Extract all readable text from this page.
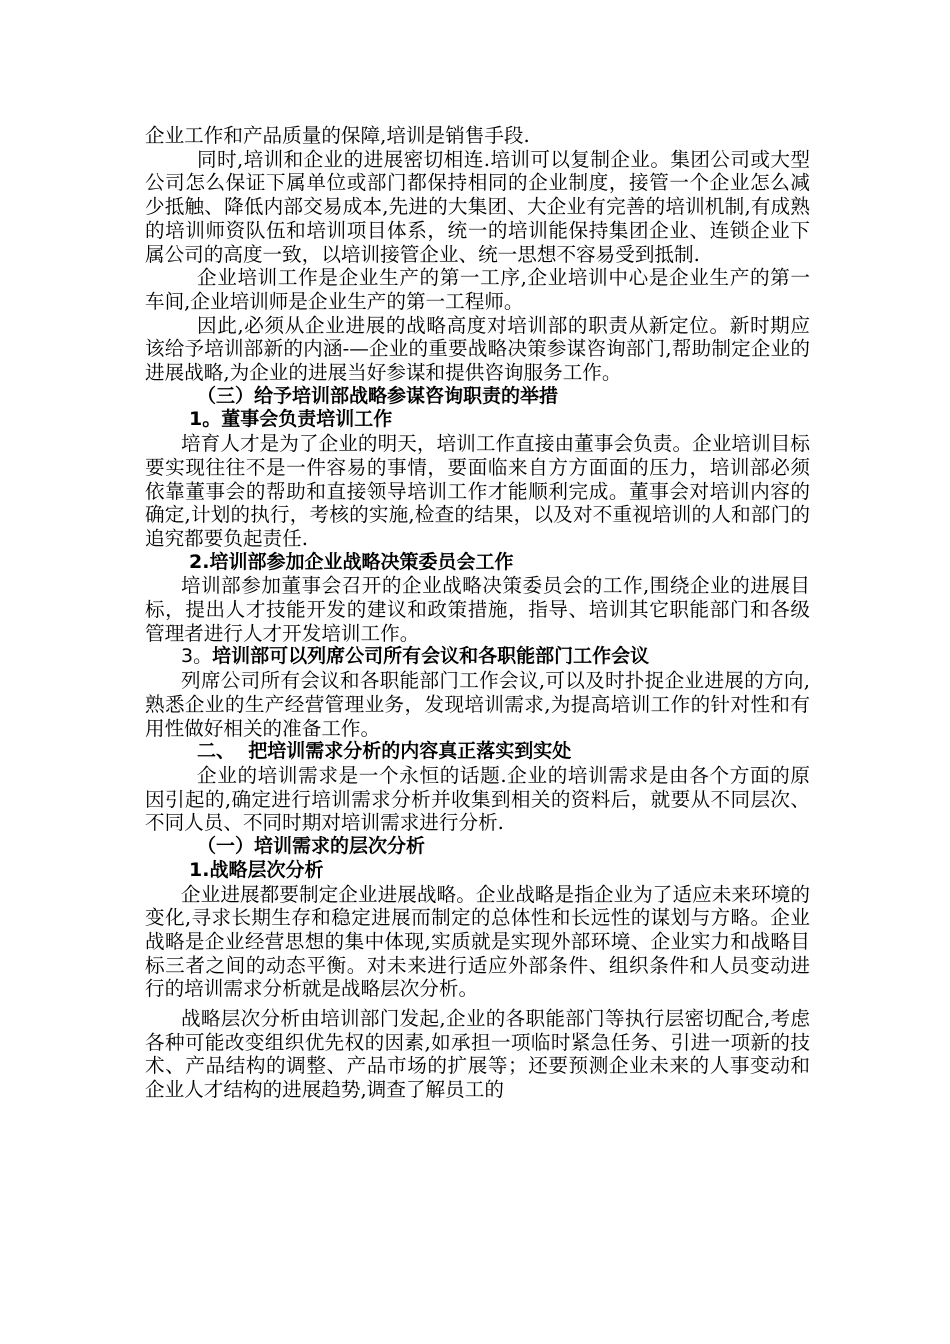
企业工作和产品质量的保障,培训是销售手段.

同时,培训和企业的进展密切相连.培训可以复制企业。集团公司或大型公司怎么保证下属单位或部门都保持相同的企业制度，接管一个企业怎么减少抵触、降低内部交易成本,先进的大集团、大企业有完善的培训机制,有成熟的培训师资队伍和培训项目体系，统一的培训能保持集团企业、连锁企业下属公司的高度一致，以培训接管企业、统一思想不容易受到抵制.

企业培训工作是企业生产的第一工序,企业培训中心是企业生产的第一车间,企业培训师是企业生产的第一工程师。

因此,必须从企业进展的战略高度对培训部的职责从新定位。新时期应该给予培训部新的内涵-—企业的重要战略决策参谋咨询部门,帮助制定企业的进展战略,为企业的进展当好参谋和提供咨询服务工作。

（三）给予培训部战略参谋咨询职责的举措

1。董事会负责培训工作

培育人才是为了企业的明天，培训工作直接由董事会负责。企业培训目标要实现往往不是一件容易的事情，要面临来自方方面面的压力，培训部必须依靠董事会的帮助和直接领导培训工作才能顺利完成。董事会对培训内容的确定,计划的执行，考核的实施,检查的结果，以及对不重视培训的人和部门的追究都要负起责任.

2.培训部参加企业战略决策委员会工作

培训部参加董事会召开的企业战略决策委员会的工作,围绕企业的进展目标，提出人才技能开发的建议和政策措施，指导、培训其它职能部门和各级管理者进行人才开发培训工作。

3。培训部可以列席公司所有会议和各职能部门工作会议

列席公司所有会议和各职能部门工作会议,可以及时扑捉企业进展的方向,熟悉企业的生产经营管理业务，发现培训需求,为提高培训工作的针对性和有用性做好相关的准备工作。

二、  把培训需求分析的内容真正落实到实处

企业的培训需求是一个永恒的话题.企业的培训需求是由各个方面的原因引起的,确定进行培训需求分析并收集到相关的资料后，就要从不同层次、不同人员、不同时期对培训需求进行分析.

（一）培训需求的层次分析

1.战略层次分析

企业进展都要制定企业进展战略。企业战略是指企业为了适应未来环境的变化,寻求长期生存和稳定进展而制定的总体性和长远性的谋划与方略。企业战略是企业经营思想的集中体现,实质就是实现外部环境、企业实力和战略目标三者之间的动态平衡。对未来进行适应外部条件、组织条件和人员变动进行的培训需求分析就是战略层次分析。

战略层次分析由培训部门发起,企业的各职能部门等执行层密切配合,考虑各种可能改变组织优先权的因素,如承担一项临时紧急任务、引进一项新的技术、产品结构的调整、产品市场的扩展等；还要预测企业未来的人事变动和企业人才结构的进展趋势,调查了解员工的
